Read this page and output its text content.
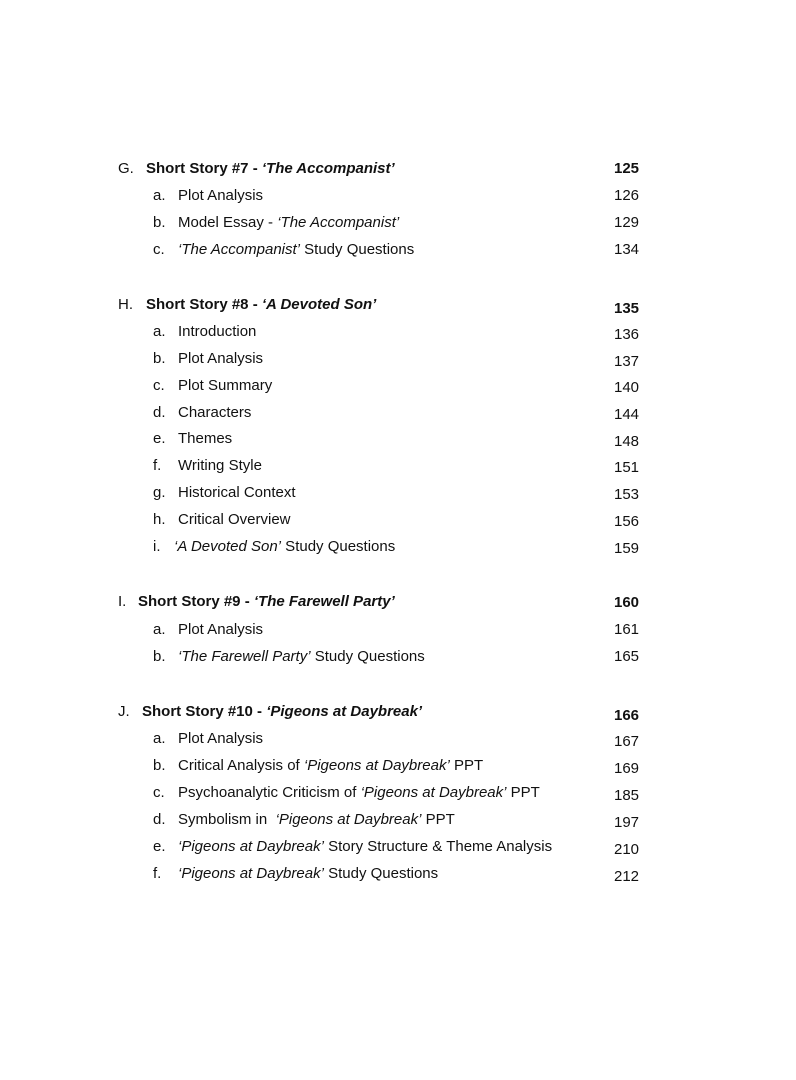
G. Short Story #7 - ‘The Accompanist’	125
a. Plot Analysis	126
b. Model Essay - ‘The Accompanist’	129
c. ‘The Accompanist’ Study Questions	134
H. Short Story #8 - ‘A Devoted Son’	135
a. Introduction	136
b. Plot Analysis	137
c. Plot Summary	140
d. Characters	144
e. Themes	148
f. Writing Style	151
g. Historical Context	153
h. Critical Overview	156
i. ‘A Devoted Son’ Study Questions	159
I. Short Story #9 - ‘The Farewell Party’	160
a. Plot Analysis	161
b. ‘The Farewell Party’ Study Questions	165
J. Short Story #10 - ‘Pigeons at Daybreak’	166
a. Plot Analysis	167
b. Critical Analysis of ‘Pigeons at Daybreak’ PPT	169
c. Psychoanalytic Criticism of ‘Pigeons at Daybreak’ PPT	185
d. Symbolism in  ‘Pigeons at Daybreak’ PPT	197
e. ‘Pigeons at Daybreak’ Story Structure & Theme Analysis	210
f. ‘Pigeons at Daybreak’ Study Questions	212
